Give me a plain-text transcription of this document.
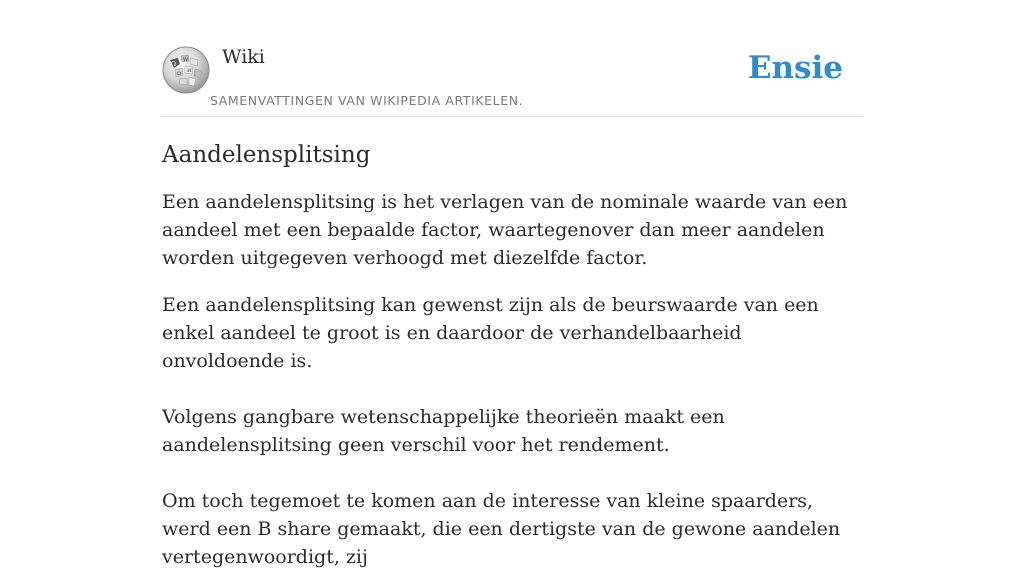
Ω
W
И
Ω
Wiki
SAMENVATTINGEN VAN WIKIPEDIA ARTIKELEN.
Ensie
Aandelensplitsing

Een aandelensplitsing is het verlagen van de nominale waarde van een aandeel met een bepaalde factor, waartegenover dan meer aandelen worden uitgegeven verhoogd met diezelfde factor.

Een aandelensplitsing kan gewenst zijn als de beurswaarde van een enkel aandeel te groot is en daardoor de verhandelbaarheid onvoldoende is.

Volgens gangbare wetenschappelijke theorieën maakt een aandelensplitsing geen verschil voor het rendement.

Om toch tegemoet te komen aan de interesse van kleine spaarders, werd een B share gemaakt, die een dertigste van de gewone aandelen vertegenwoordigt, zij
